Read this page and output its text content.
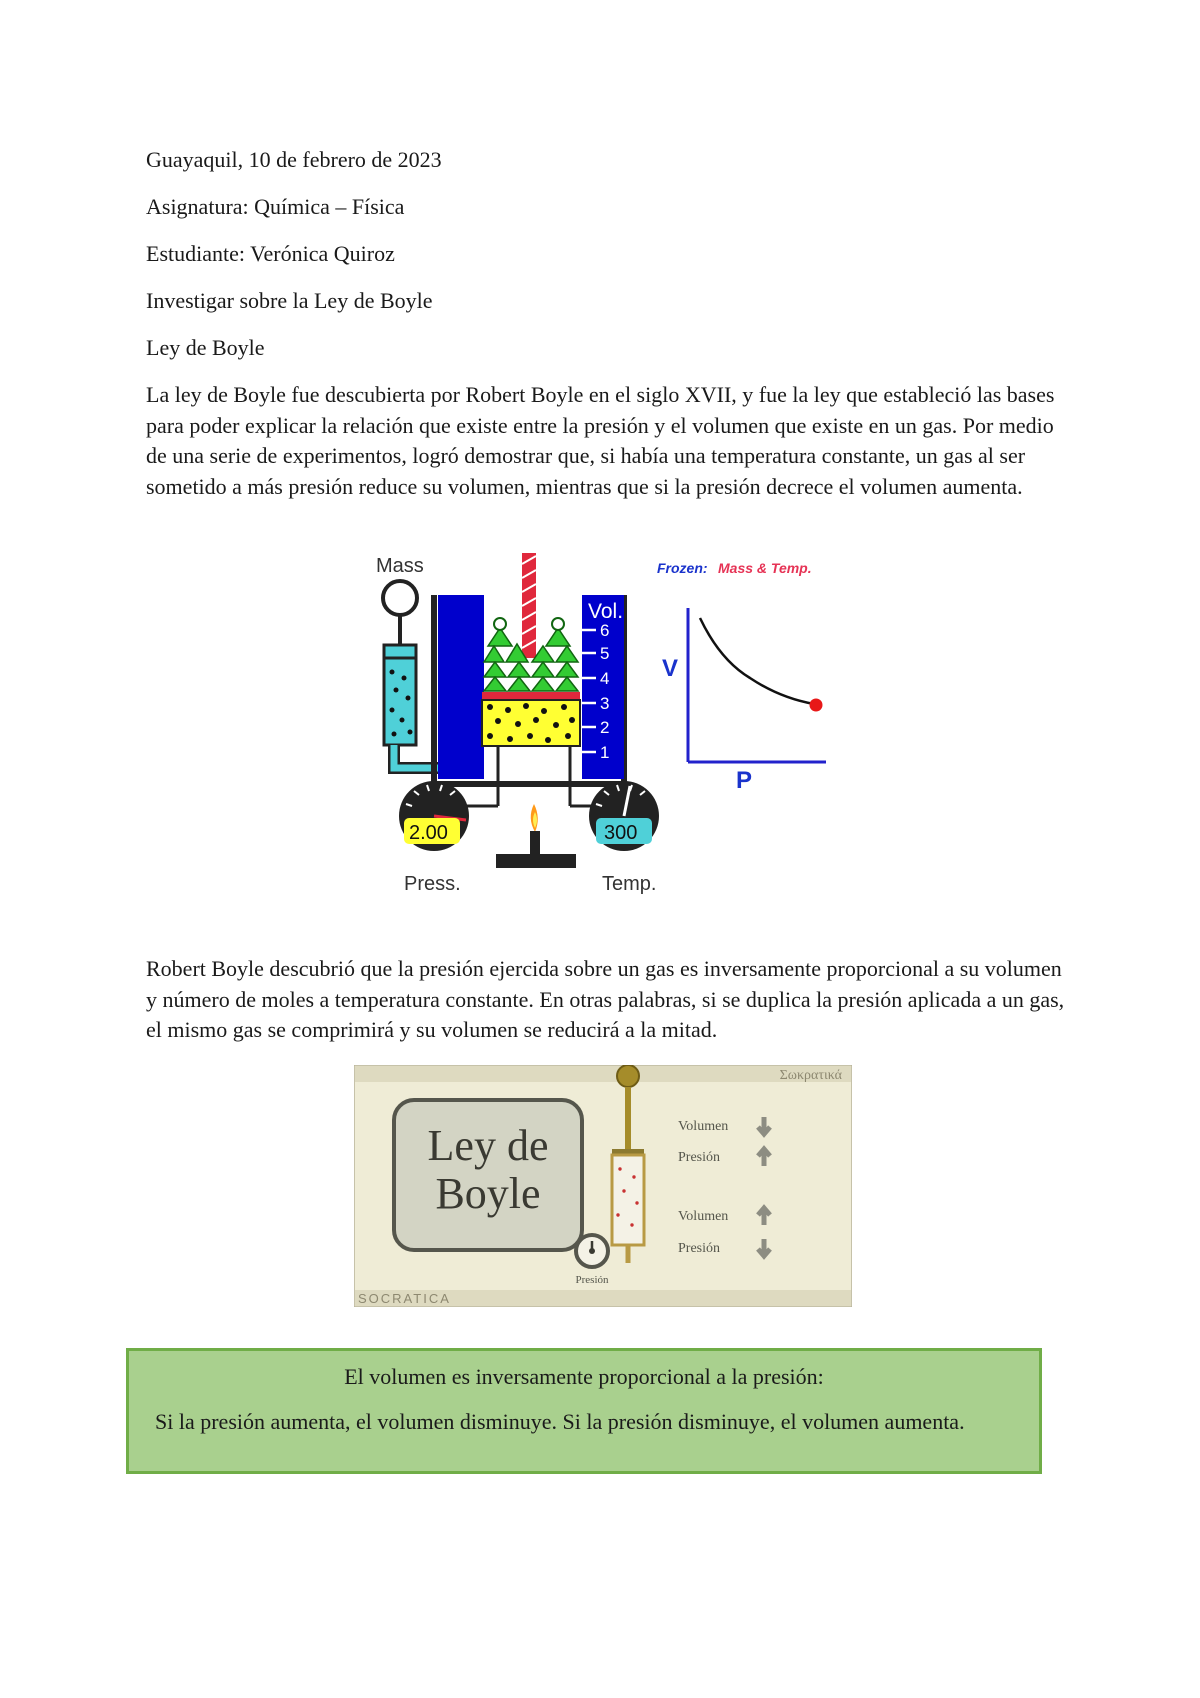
Guayaquil, 10 de febrero de 2023
Asignatura: Química – Física
Estudiante: Verónica Quiroz
Investigar sobre la Ley de Boyle
Ley de Boyle
La ley de Boyle fue descubierta por Robert Boyle en el siglo XVII, y fue la ley que estableció las bases para poder explicar la relación que existe entre la presión y el volumen que existe en un gas. Por medio de una serie de experimentos, logró demostrar que, si había una temperatura constante, un gas al ser sometido a más presión reduce su volumen, mientras que si la presión decrece el volumen aumenta.
Mass
Vol.
6
5
4
3
2
1
Frozen: Mass & Temp.
V
P
2.00
Press.
300
Temp.
Robert Boyle descubrió que la presión ejercida sobre un gas es inversamente proporcional a su volumen y número de moles a temperatura constante. En otras palabras, si se duplica la presión aplicada a un gas, el mismo gas se comprimirá y su volumen se reducirá a la mitad.
Σωκρατικά
SOCRATICA
Ley de
Boyle
Presión
Volumen
Presión
Volumen
Presión
El volumen es inversamente proporcional a la presión:
Si la presión aumenta, el volumen disminuye. Si la presión disminuye, el volumen aumenta.
